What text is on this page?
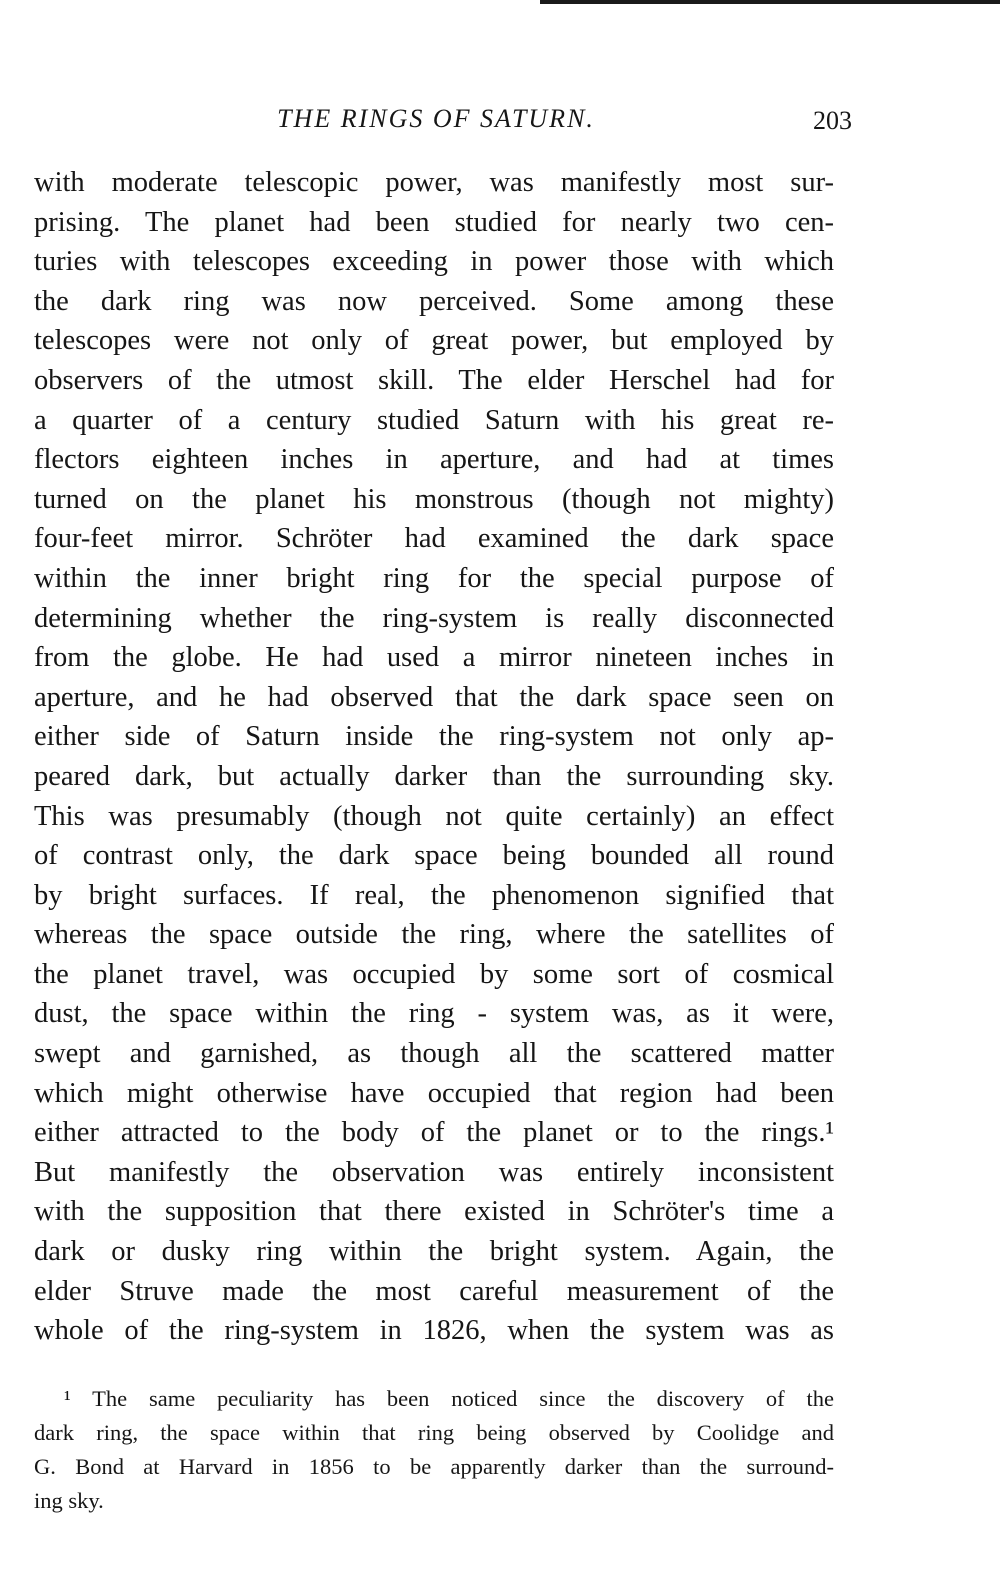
THE RINGS OF SATURN.	203
with moderate telescopic power, was manifestly most sur-
prising. The planet had been studied for nearly two cen-
turies with telescopes exceeding in power those with which
the dark ring was now perceived. Some among these
telescopes were not only of great power, but employed by
observers of the utmost skill. The elder Herschel had for
a quarter of a century studied Saturn with his great re-
flectors eighteen inches in aperture, and had at times
turned on the planet his monstrous (though not mighty)
four-feet mirror. Schröter had examined the dark space
within the inner bright ring for the special purpose of
determining whether the ring-system is really disconnected
from the globe. He had used a mirror nineteen inches in
aperture, and he had observed that the dark space seen on
either side of Saturn inside the ring-system not only ap-
peared dark, but actually darker than the surrounding sky.
This was presumably (though not quite certainly) an effect
of contrast only, the dark space being bounded all round
by bright surfaces. If real, the phenomenon signified that
whereas the space outside the ring, where the satellites of
the planet travel, was occupied by some sort of cosmical
dust, the space within the ring - system was, as it were,
swept and garnished, as though all the scattered matter
which might otherwise have occupied that region had been
either attracted to the body of the planet or to the rings.¹
But manifestly the observation was entirely inconsistent
with the supposition that there existed in Schröter's time a
dark or dusky ring within the bright system. Again, the
elder Struve made the most careful measurement of the
whole of the ring-system in 1826, when the system was as
¹ The same peculiarity has been noticed since the discovery of the
dark ring, the space within that ring being observed by Coolidge and
G. Bond at Harvard in 1856 to be apparently darker than the surround-
ing sky.
